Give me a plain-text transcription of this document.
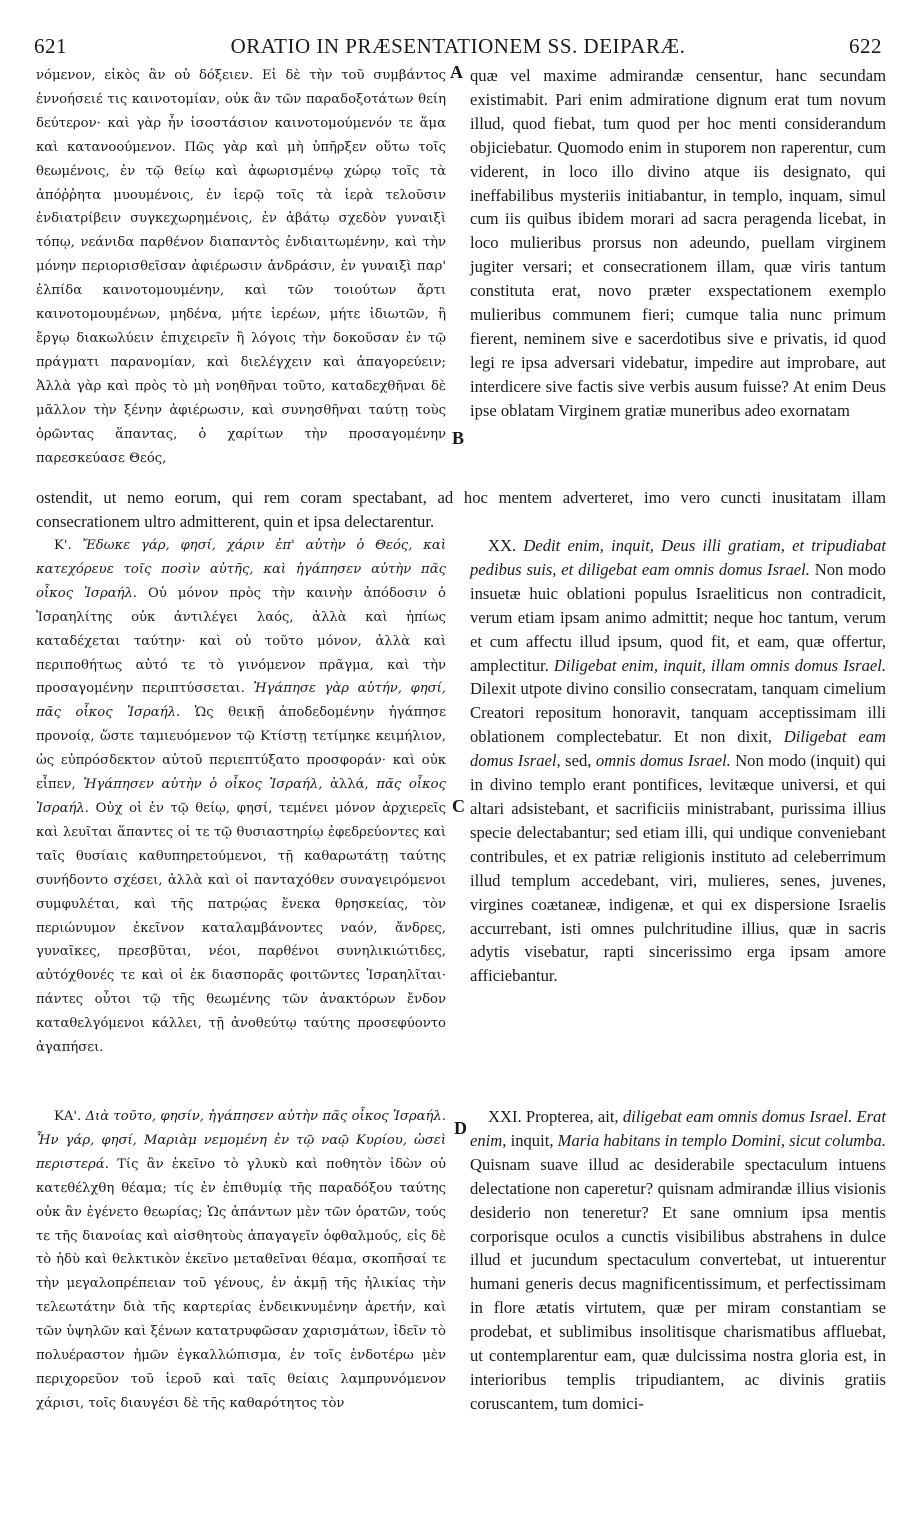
621	ORATIO IN PRÆSENTATIONEM SS. DEIPARÆ.	622

νόμενον, εἰκὸς ἂν οὐ δόξειεν. Εἰ δὲ τὴν τοῦ συμβάντος ἐννοήσειέ τις καινοτομίαν, οὐκ ἂν τῶν παραδοξοτάτων θείη δεύτερον· καὶ γὰρ ἦν ἰσοστάσιον καινοτομούμενόν τε ἅμα καὶ κατανοούμενον. Πῶς γὰρ καὶ μὴ ὑπῆρξεν οὕτω τοῖς θεωμένοις, ἐν τῷ θείῳ καὶ ἀφωρισμένῳ χώρῳ τοῖς τὰ ἀπόῤῥητα μυουμένοις, ἐν ἱερῷ τοῖς τὰ ἱερὰ τελοῦσιν ἐνδιατρίβειν συγκεχωρημένοις, ἐν ἀβάτῳ σχεδὸν γυναιξὶ τόπῳ, νεάνιδα παρθένον διαπαντὸς ἐνδιαιτωμένην, καὶ τὴν μόνην περιορισθεῖσαν ἀφιέρωσιν ἀνδράσιν, ἐν γυναιξὶ παρ' ἐλπίδα καινοτομουμένην, καὶ τῶν τοιούτων ἄρτι καινοτομουμένων, μηδένα, μήτε ἱερέων, μήτε ἰδιωτῶν, ἢ ἔργῳ διακωλύειν ἐπιχειρεῖν ἢ λόγοις τὴν δοκοῦσαν ἐν τῷ πράγματι παρανομίαν, καὶ διελέγχειν καὶ ἀπαγορεύειν; Ἀλλὰ γὰρ καὶ πρὸς τὸ μὴ νοηθῆναι τοῦτο, καταδεχθῆναι δὲ μᾶλλον τὴν ξένην ἀφιέρωσιν, καὶ συνησθῆναι ταύτῃ τοὺς ὁρῶντας ἅπαντας, ὁ χαρίτων τὴν προσαγομένην παρεσκεύασε Θεός,

quæ vel maxime admirandæ censentur, hanc secundam existimabit. Pari enim admiratione dignum erat tum novum illud, quod fiebat, tum quod per hoc menti considerandum objiciebatur. Quomodo enim in stuporem non raperentur, cum viderent, in loco illo divino atque iis designato, qui ineffabilibus mysteriis initiabantur, in templo, inquam, simul cum iis quibus ibidem morari ad sacra peragenda licebat, in loco mulieribus prorsus non adeundo, puellam virginem jugiter versari; et consecrationem illam, quæ viris tantum constituta erat, novo præter exspectationem exemplo mulieribus communem fieri; cumque talia nunc primum fierent, neminem sive e sacerdotibus sive e privatis, id quod legi re ipsa adversari videbatur, impedire aut improbare, aut interdicere sive factis sive verbis ausum fuisse? At enim Deus ipse oblatam Virginem gratiæ muneribus adeo exornatam

ostendit, ut nemo eorum, qui rem coram spectabant, ad hoc mentem adverteret, imo vero cuncti inusitatam illam consecrationem ultro admitterent, quin et ipsa delectarentur.

Κ'. Ἔδωκε γάρ, φησί, χάριν ἐπ' αὐτὴν ὁ Θεός, καὶ κατεχόρευε τοῖς ποσὶν αὐτῆς, καὶ ἠγάπησεν αὐτὴν πᾶς οἶκος Ἰσραήλ. Οὐ μόνον πρὸς τὴν καινὴν ἀπόδοσιν ὁ Ἰσραηλίτης οὐκ ἀντιλέγει λαός, ἀλλὰ καὶ ἠπίως καταδέχεται ταύτην· καὶ οὐ τοῦτο μόνον, ἀλλὰ καὶ περιποθήτως αὐτό τε τὸ γινόμενον πρᾶγμα, καὶ τὴν προσαγομένην περιπτύσσεται. Ἠγάπησε γὰρ αὐτήν, φησί, πᾶς οἶκος Ἰσραήλ. Ὡς θεικῇ ἀποδεδομένην ἠγάπησε προνοίᾳ, ὥστε ταμιευόμενον τῷ Κτίστῃ τετίμηκε κειμήλιον, ὡς εὐπρόσδεκτον αὐτοῦ περιεπτύξατο προσφοράν· καὶ οὐκ εἶπεν, Ἠγάπησεν αὐτὴν ὁ οἶκος Ἰσραήλ, ἀλλά, πᾶς οἶκος Ἰσραήλ. Οὐχ οἱ ἐν τῷ θείῳ, φησί, τεμένει μόνον ἀρχιερεῖς καὶ λευῖται ἅπαντες οἱ τε τῷ θυσιαστηρίῳ ἐφεδρεύοντες καὶ ταῖς θυσίαις καθυπηρετούμενοι, τῇ καθαρωτάτῃ ταύτης συνήδοντο σχέσει, ἀλλὰ καὶ οἱ πανταχόθεν συναγειρόμενοι συμφυλέται, καὶ τῆς πατρῴας ἕνεκα θρησκείας, τὸν περιώνυμον ἐκεῖνον καταλαμβάνοντες ναόν, ἄνδρες, γυναῖκες, πρεσβῦται, νέοι, παρθένοι συνηλικιώτιδες, αὐτόχθονές τε καὶ οἱ ἐκ διασπορᾶς φοιτῶντες Ἰσραηλῖται· πάντες οὗτοι τῷ τῆς θεωμένης τῶν ἀνακτόρων ἔνδον καταθελγόμενοι κάλλει, τῇ ἀνοθεύτῳ ταύτης προσεφύοντο ἀγαπήσει.

XX. Dedit enim, inquit, Deus illi gratiam, et tripudiabat pedibus suis, et diligebat eam omnis domus Israel. Non modo insuetæ huic oblationi populus Israeliticus non contradicit, verum etiam ipsam animo admittit; neque hoc tantum, verum et cum affectu illud ipsum, quod fit, et eam, quæ offertur, amplectitur. Diligebat enim, inquit, illam omnis domus Israel. Dilexit utpote divino consilio consecratam, tanquam cimelium Creatori repositum honoravit, tanquam acceptissimam illi oblationem complectebatur. Et non dixit, Diligebat eam domus Israel, sed, omnis domus Israel. Non modo (inquit) qui in divino templo erant pontifices, levitæque universi, et qui altari adsistebant, et sacrificiis ministrabant, purissima illius specie delectabantur; sed etiam illi, qui undique conveniebant contribules, et ex patriæ religionis instituto ad celeberrimum illud templum accedebant, viri, mulieres, senes, juvenes, virgines coætaneæ, indigenæ, et qui ex dispersione Israelis accurrebant, isti omnes pulchritudine illius, quæ in sacris adytis visebatur, rapti sincerissimo erga ipsam amore afficiebantur.

ΚΑ'. Διὰ τοῦτο, φησίν, ἠγάπησεν αὐτὴν πᾶς οἶκος Ἰσραήλ. Ἦν γάρ, φησί, Μαριὰμ νεμομένη ἐν τῷ ναῷ Κυρίου, ὡσεὶ περιστερά. Τίς ἂν ἐκεῖνο τὸ γλυκὺ καὶ ποθητὸν ἰδὼν οὐ κατεθέλχθη θέαμα; τίς ἐν ἐπιθυμίᾳ τῆς παραδόξου ταύτης οὐκ ἂν ἐγένετο θεωρίας; Ὡς ἁπάντων μὲν τῶν ὁρατῶν, τούς τε τῆς διανοίας καὶ αἰσθητοὺς ἀπαγαγεῖν ὀφθαλμούς, εἰς δὲ τὸ ἡδὺ καὶ θελκτικὸν ἐκεῖνο μεταθεῖναι θέαμα, σκοπῆσαί τε τὴν μεγαλοπρέπειαν τοῦ γένους, ἐν ἀκμῇ τῆς ἡλικίας τὴν τελεωτάτην διὰ τῆς καρτερίας ἐνδεικνυμένην ἀρετήν, καὶ τῶν ὑψηλῶν καὶ ξένων κατατρυφῶσαν χαρισμάτων, ἰδεῖν τὸ πολυέραστον ἡμῶν ἐγκαλλώπισμα, ἐν τοῖς ἐνδοτέρω μὲν περιχορεῦον τοῦ ἱεροῦ καὶ ταῖς θείαις λαμπρυνόμενον χάρισι, τοῖς διαυγέσι δὲ τῆς καθαρότητος τὸν

XXI. Propterea, ait, diligebat eam omnis domus Israel. Erat enim, inquit, Maria habitans in templo Domini, sicut columba. Quisnam suave illud ac desiderabile spectaculum intuens delectatione non caperetur? quisnam admirandæ illius visionis desiderio non teneretur? Et sane omnium ipsa mentis corporisque oculos a cunctis visibilibus abstrahens in dulce illud et jucundum spectaculum convertebat, ut intuerentur humani generis decus magnificentissimum, et perfectissimam in flore ætatis virtutem, quæ per miram constantiam se prodebat, et sublimibus insolitisque charismatibus affluebat, ut contemplarentur eam, quæ dulcissima nostra gloria est, in interioribus templis tripudiantem, ac divinis gratiis coruscantem, tum domici-

A
B
C
D
